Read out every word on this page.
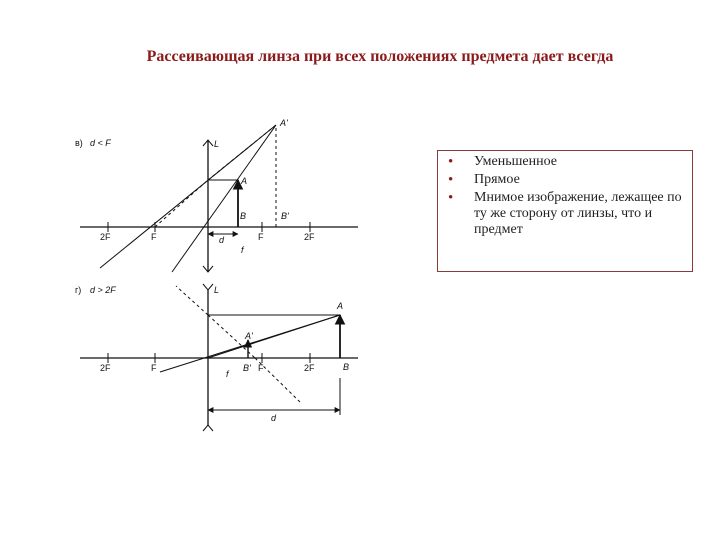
Рассеивающая линза при всех положениях предмета дает всегда
в) d < F	L
A
B
A'
B'
2F	F	F	2F
d
f
г) d > 2F	L
A
B
A'
B'
2F	F	F	2F
f
d
• Уменьшенное
• Прямое
• Мнимое изображение, лежащее по ту же сторону от линзы, что и предмет
